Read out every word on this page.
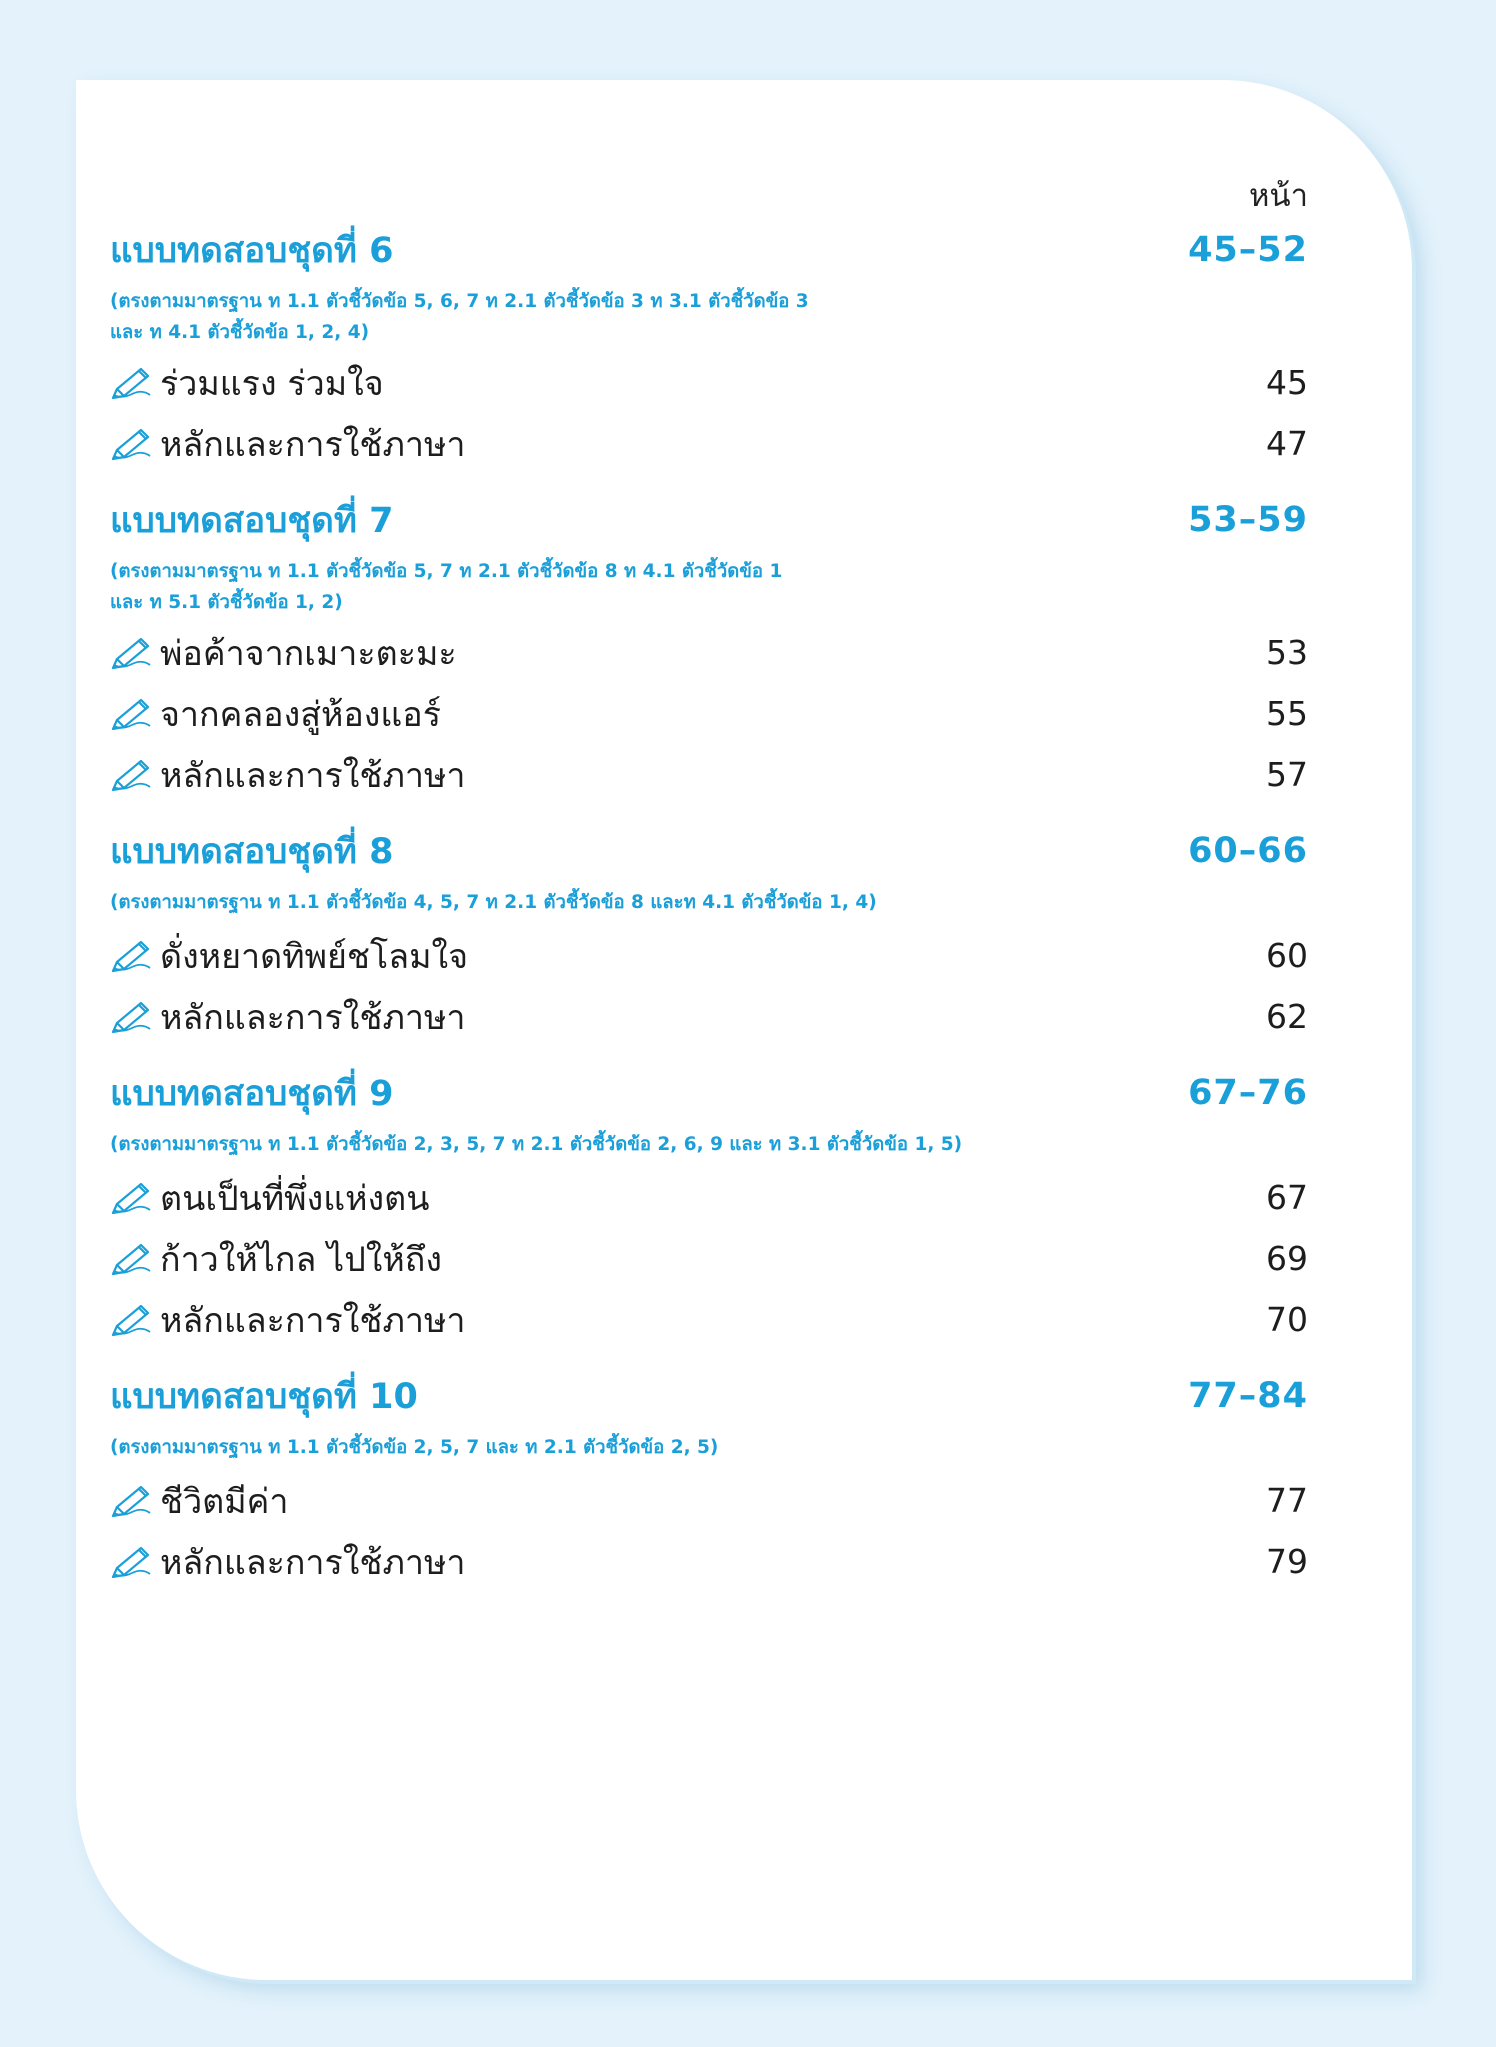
หน้า
แบบทดสอบชุดที่ 6	45–52
(ตรงตามมาตรฐาน ท 1.1 ตัวชี้วัดข้อ 5, 6, 7 ท 2.1 ตัวชี้วัดข้อ 3 ท 3.1 ตัวชี้วัดข้อ 3
และ ท 4.1 ตัวชี้วัดข้อ 1, 2, 4)
ร่วมแรง ร่วมใจ	45
หลักและการใช้ภาษา	47
แบบทดสอบชุดที่ 7	53–59
(ตรงตามมาตรฐาน ท 1.1 ตัวชี้วัดข้อ 5, 7 ท 2.1 ตัวชี้วัดข้อ 8 ท 4.1 ตัวชี้วัดข้อ 1
และ ท 5.1 ตัวชี้วัดข้อ 1, 2)
พ่อค้าจากเมาะตะมะ	53
จากคลองสู่ห้องแอร์	55
หลักและการใช้ภาษา	57
แบบทดสอบชุดที่ 8	60–66
(ตรงตามมาตรฐาน ท 1.1 ตัวชี้วัดข้อ 4, 5, 7 ท 2.1 ตัวชี้วัดข้อ 8 และท 4.1 ตัวชี้วัดข้อ 1, 4)
ดั่งหยาดทิพย์ชโลมใจ	60
หลักและการใช้ภาษา	62
แบบทดสอบชุดที่ 9	67–76
(ตรงตามมาตรฐาน ท 1.1 ตัวชี้วัดข้อ 2, 3, 5, 7 ท 2.1 ตัวชี้วัดข้อ 2, 6, 9 และ ท 3.1 ตัวชี้วัดข้อ 1, 5)
ตนเป็นที่พึ่งแห่งตน	67
ก้าวให้ไกล ไปให้ถึง	69
หลักและการใช้ภาษา	70
แบบทดสอบชุดที่ 10	77–84
(ตรงตามมาตรฐาน ท 1.1 ตัวชี้วัดข้อ 2, 5, 7 และ ท 2.1 ตัวชี้วัดข้อ 2, 5)
ชีวิตมีค่า	77
หลักและการใช้ภาษา	79
